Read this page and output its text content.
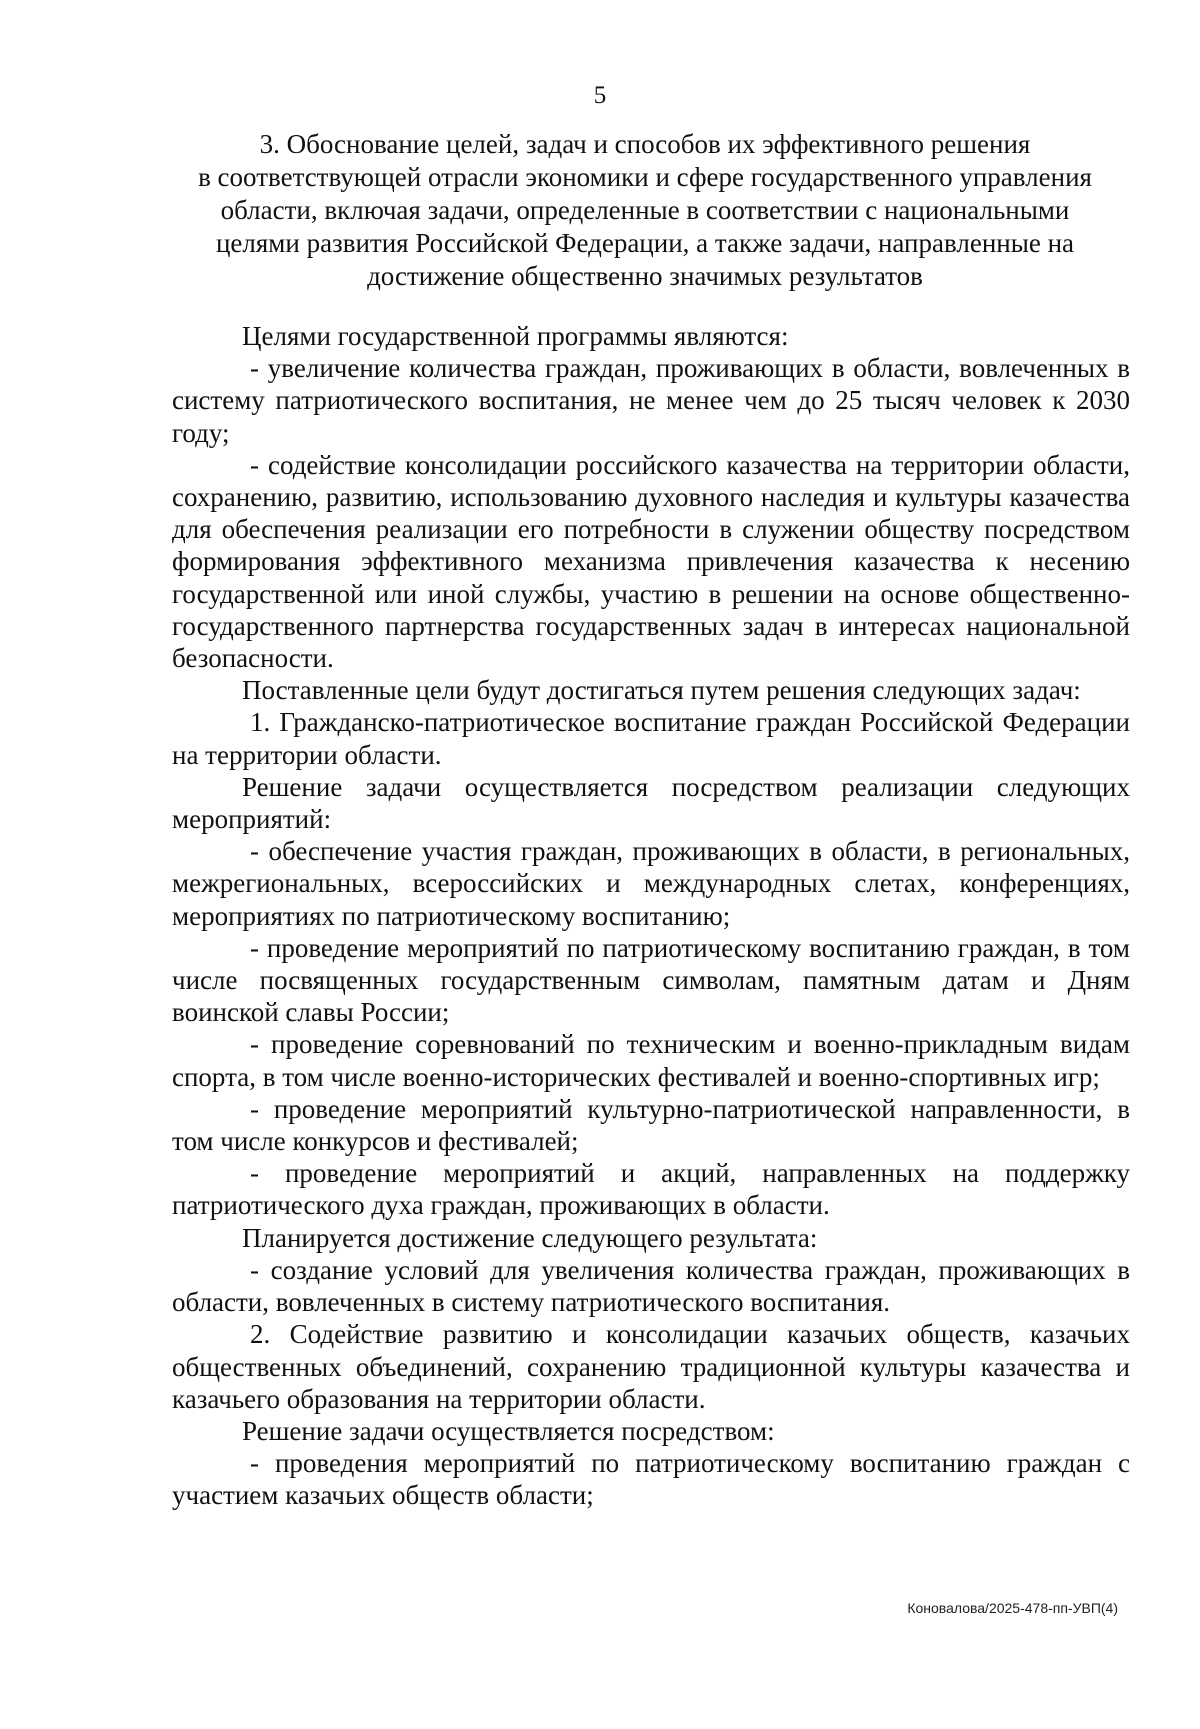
5
3. Обоснование целей, задач и способов их эффективного решения
в соответствующей отрасли экономики и сфере государственного управления
области, включая задачи, определенные в соответствии с национальными
целями развития Российской Федерации, а также задачи, направленные на
достижение общественно значимых результатов

Целями государственной программы являются:

- увеличение количества граждан, проживающих в области, вовлеченных в систему патриотического воспитания, не менее чем до 25 тысяч человек к 2030 году;

- содействие консолидации российского казачества на территории области, сохранению, развитию, использованию духовного наследия и культуры казачества для обеспечения реализации его потребности в служении обществу посредством формирования эффективного механизма привлечения казачества к несению государственной или иной службы, участию в решении на основе общественно-государственного партнерства государственных задач в интересах национальной безопасности.

Поставленные цели будут достигаться путем решения следующих задач:

1. Гражданско-патриотическое воспитание граждан Российской Федерации на территории области.

Решение задачи осуществляется посредством реализации следующих мероприятий:

- обеспечение участия граждан, проживающих в области, в региональных, межрегиональных, всероссийских и международных слетах, конференциях, мероприятиях по патриотическому воспитанию;

- проведение мероприятий по патриотическому воспитанию граждан, в том числе посвященных государственным символам, памятным датам и Дням воинской славы России;

- проведение соревнований по техническим и военно-прикладным видам спорта, в том числе военно-исторических фестивалей и военно-спортивных игр;

- проведение мероприятий культурно-патриотической направленности, в том числе конкурсов и фестивалей;

- проведение мероприятий и акций, направленных на поддержку патриотического духа граждан, проживающих в области.

Планируется достижение следующего результата:

- создание условий для увеличения количества граждан, проживающих в области, вовлеченных в систему патриотического воспитания.

2. Содействие развитию и консолидации казачьих обществ, казачьих общественных объединений, сохранению традиционной культуры казачества и казачьего образования на территории области.

Решение задачи осуществляется посредством:

- проведения мероприятий по патриотическому воспитанию граждан с участием казачьих обществ области;

Коновалова/2025-478-пп-УВП(4)
